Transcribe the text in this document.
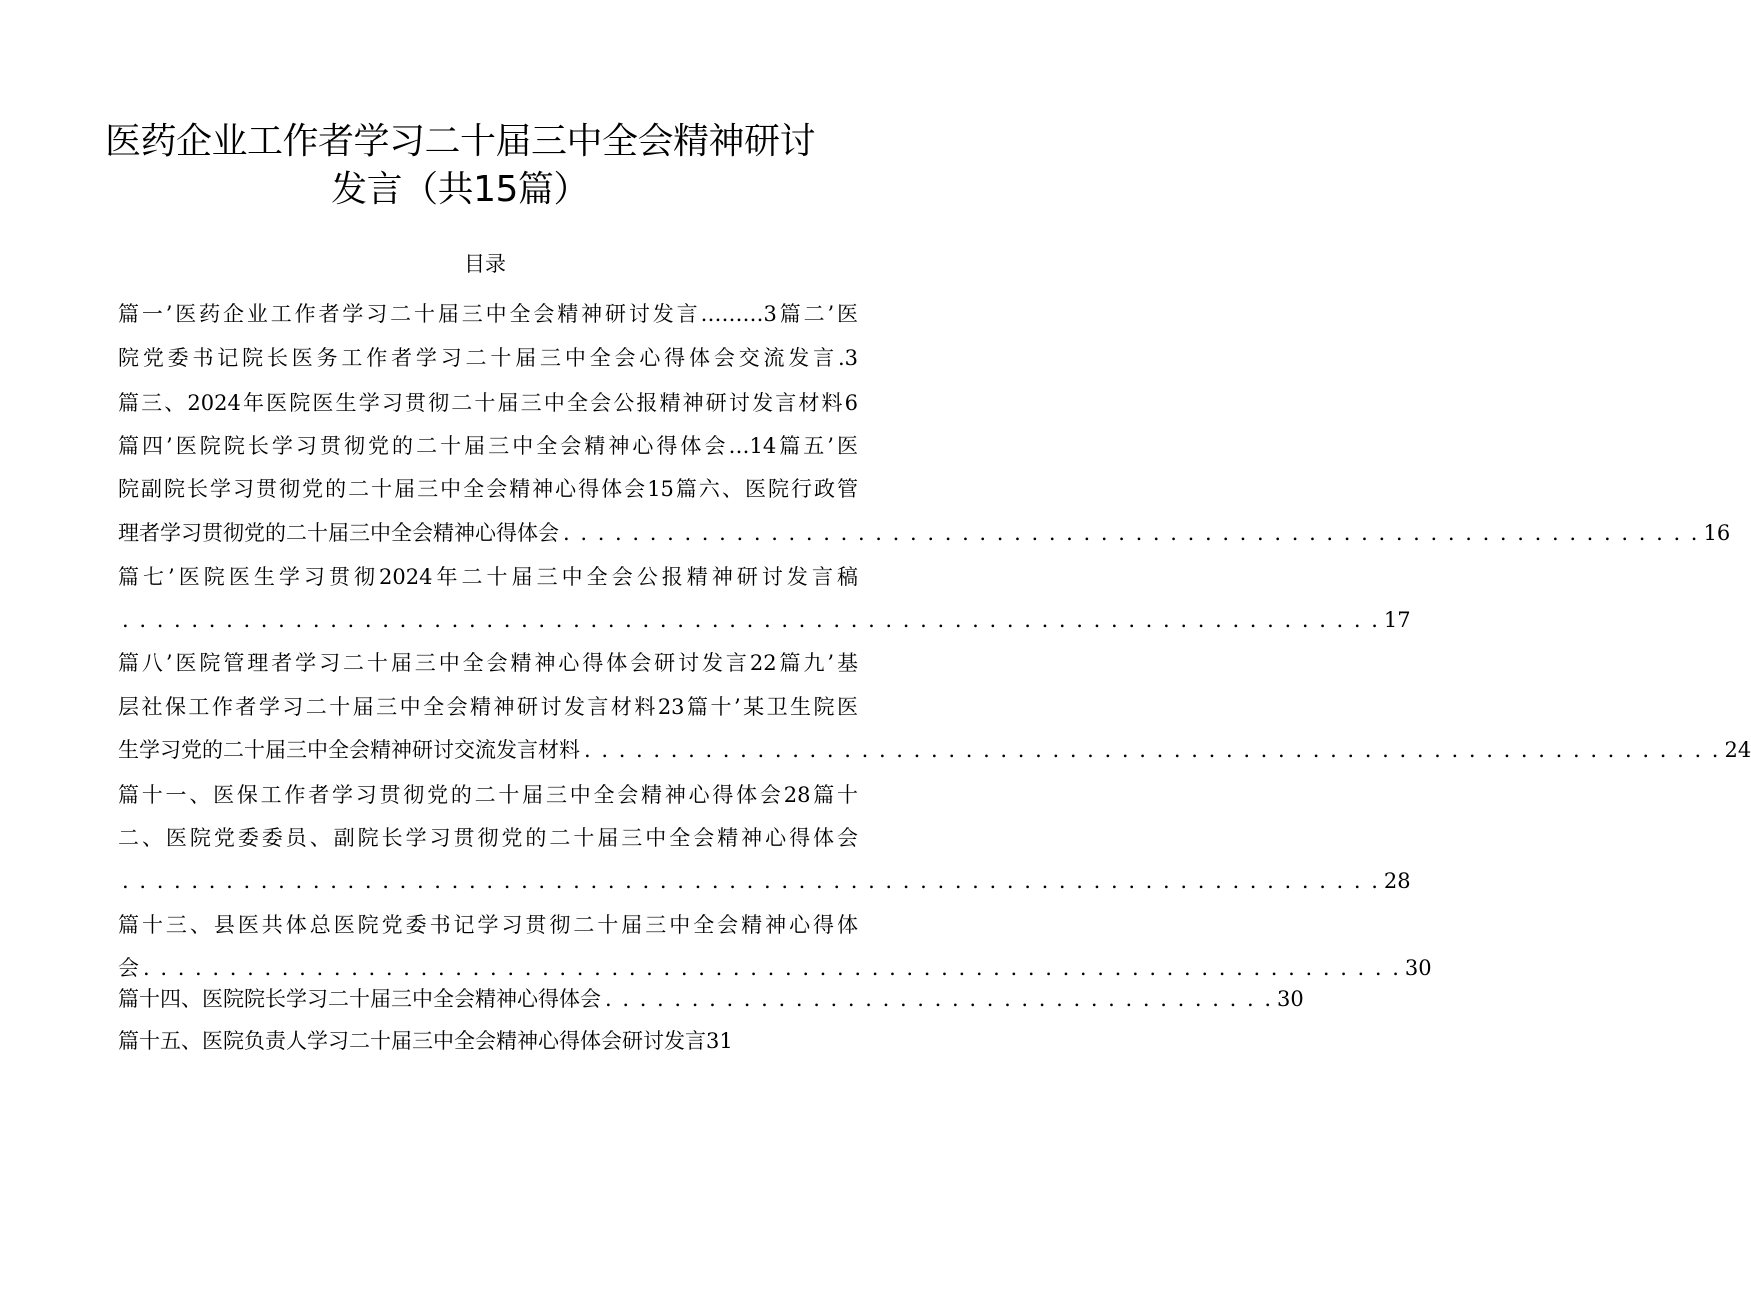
医药企业工作者学习二十届三中全会精神研讨
发言（共15篇）
目录
篇一’医药企业工作者学习二十届三中全会精神研讨发言………3篇二’医
院党委书记院长医务工作者学习二十届三中全会心得体会交流发言.3
篇三、2024年医院医生学习贯彻二十届三中全会公报精神研讨发言材料6
篇四’医院院长学习贯彻党的二十届三中全会精神心得体会…14篇五’医
院副院长学习贯彻党的二十届三中全会精神心得体会15篇六、医院行政管
理者学习贯彻党的二十届三中全会精神心得体会 . . . . . . . . . . . . . . . . . . . . . . . . . . . . . . . . . . . . . . . . . . . . . . . . . . . . . . . . . . . . . . . . . . 16
篇七’医院医生学习贯彻2024年二十届三中全会公报精神研讨发言稿
. . . . . . . . . . . . . . . . . . . . . . . . . . . . . . . . . . . . . . . . . . . . . . . . . . . . . . . . . . . . . . . . . . . . . . . . . 17
篇八’医院管理者学习二十届三中全会精神心得体会研讨发言22篇九’基
层社保工作者学习二十届三中全会精神研讨发言材料23篇十’某卫生院医
生学习党的二十届三中全会精神研讨交流发言材料 . . . . . . . . . . . . . . . . . . . . . . . . . . . . . . . . . . . . . . . . . . . . . . . . . . . . . . . . . . . . . . . . . . 24
篇十一、医保工作者学习贯彻党的二十届三中全会精神心得体会28篇十
二、医院党委委员、副院长学习贯彻党的二十届三中全会精神心得体会
. . . . . . . . . . . . . . . . . . . . . . . . . . . . . . . . . . . . . . . . . . . . . . . . . . . . . . . . . . . . . . . . . . . . . . . . . 28
篇十三、县医共体总医院党委书记学习贯彻二十届三中全会精神心得体
会 . . . . . . . . . . . . . . . . . . . . . . . . . . . . . . . . . . . . . . . . . . . . . . . . . . . . . . . . . . . . . . . . . . . . . . . . . 30
篇十四、医院院长学习二十届三中全会精神心得体会 . . . . . . . . . . . . . . . . . . . . . . . . . . . . . . . . . . . . . . . 30
篇十五、医院负责人学习二十届三中全会精神心得体会研讨发言31
